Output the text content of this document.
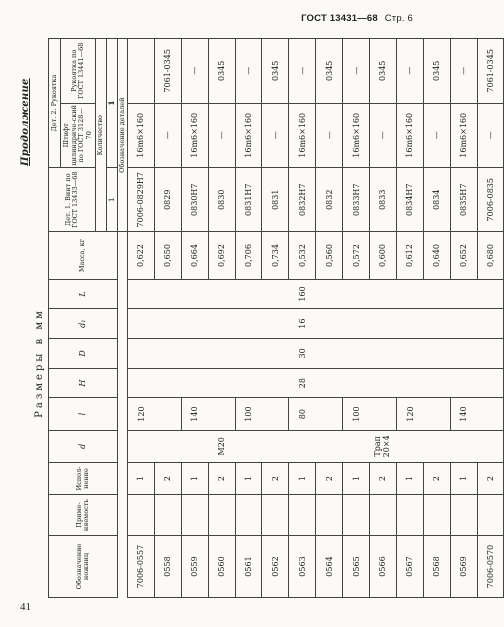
ГОСТ 13431—68 Стр. 6
Продолжение
Размеры в мм
Обозначение ножниц	Приме-няемость	Испол-нение	d	l	H	D	d₁	L	Масса, кг	Дет. 1. Винт по ГОСТ 13433—68	Дет. 2. Рукоятка	
											Штифт цилиндриче-ский по ГОСТ 3128—70	Рукоятка по ГОСТ 13441—68
										Количество		
										1	1	
										Обозначение деталей		
7006-0557		1		120					0,622	7006-0829Н7	16m6×160	
0558		2							0,650	0829	—	7061-0345
0559		1		140					0,664	0830Н7	16m6×160	—
0560		2	М20						0,692	0830	—	0345
0561		1		100					0,706	0831Н7	16m6×160	—
0562		2							0,734	0831	—	0345
0563		1		80	28	30	16	160	0,532	0832Н7	16m6×160	—
0564		2							0,560	0832	—	0345
0565		1		100					0,572	0833Н7	16m6×160	—
0566		2	Трап 20×4						0,600	0833	—	0345
0567		1		120					0,612	0834Н7	16m6×160	—
0568		2							0,640	0834	—	0345
0569		1		140					0,652	0835Н7	16m6×160	—
7006-0570		2							0,680	7006-0835	—	7061-0345
41
